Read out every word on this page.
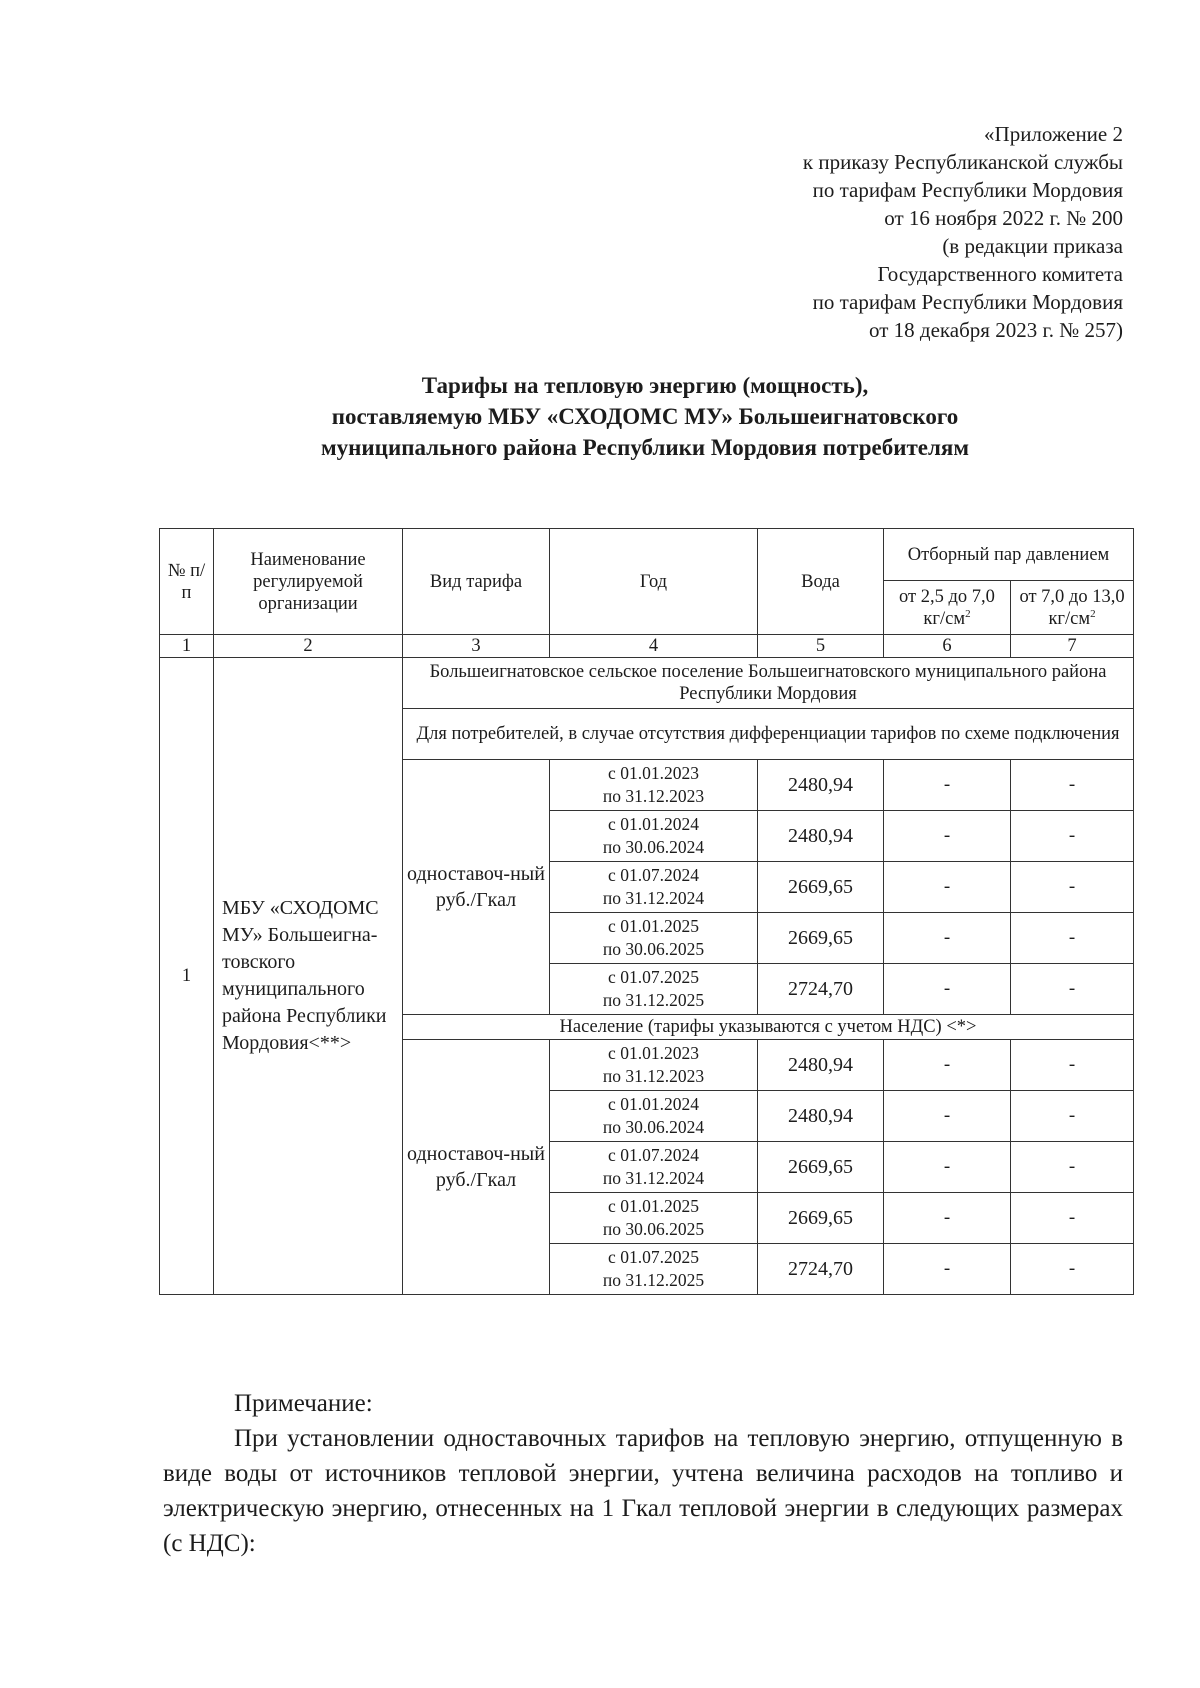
«Приложение 2
к приказу Республиканской службы
по тарифам Республики Мордовия
от 16 ноября 2022 г. № 200
(в редакции приказа
Государственного комитета
по тарифам Республики Мордовия
от 18 декабря 2023 г. № 257)
Тарифы на тепловую энергию (мощность),
поставляемую МБУ «СХОДОМС МУ» Большеигнатовского
муниципального района Республики Мордовия потребителям
№ п/п	Наименование регулируемой организации	Вид тарифа	Год	Вода	Отборный пар давлением	
					от 2,5 до 7,0 $кг/см^2$	от 7,0 до 13,0 $кг/см^2$
1	2	3	4	5	6	7
1	МБУ «СХОДОМС МУ» Большеигна-товского муниципального района Республики Мордовия<**>	Большеигнатовское сельское поселение Большеигнатовского муниципального района Республики Мордовия				
		Для потребителей, в случае отсутствия дифференциации тарифов по схеме подключения				
		одноставоч-ный руб./Гкал	с 01.01.2023
по 31.12.2023	2480,94	-	-

			с 01.01.2024
по 30.06.2024	2480,94	-	-

			с 01.07.2024
по 31.12.2024	2669,65	-	-

			с 01.01.2025
по 30.06.2025	2669,65	-	-

			с 01.07.2025
по 31.12.2025	2724,70	-	-
		Население (тарифы указываются с учетом НДС) <*>				
		одноставоч-ный руб./Гкал	с 01.01.2023
по 31.12.2023	2480,94	-	-

			с 01.01.2024
по 30.06.2024	2480,94	-	-

			с 01.07.2024
по 31.12.2024	2669,65	-	-

			с 01.01.2025
по 30.06.2025	2669,65	-	-

			с 01.07.2025
по 31.12.2025	2724,70	-	-
Примечание:
При установлении одноставочных тарифов на тепловую энергию, отпущенную в виде воды от источников тепловой энергии, учтена величина расходов на топливо и электрическую энергию, отнесенных на 1 Гкал тепловой энергии в следующих размерах (с НДС):
